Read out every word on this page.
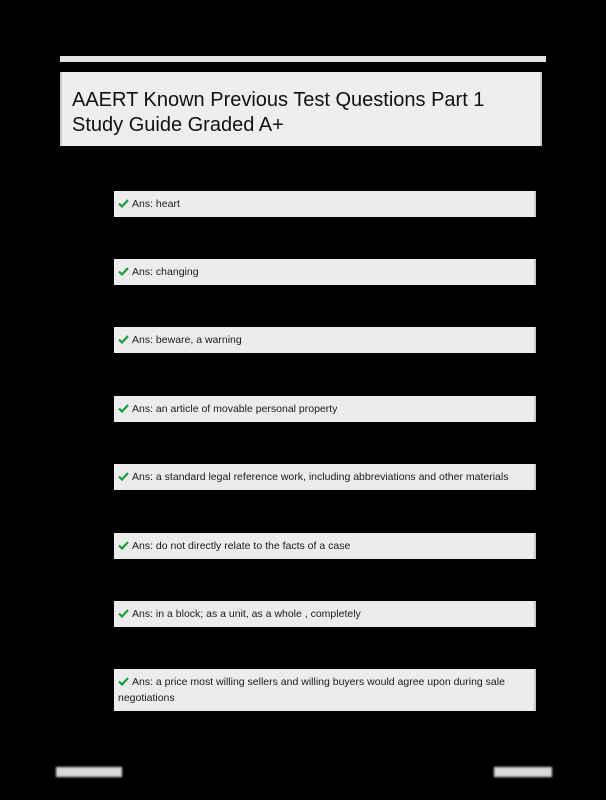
AAERT Known Previous Test Questions Part 1 Study Guide Graded A+
Ans: heart
Ans: changing
Ans: beware, a warning
Ans: an article of movable personal property
Ans: a standard legal reference work, including abbreviations and other materials
Ans: do not directly relate to the facts of a case
Ans: in a block; as a unit, as a whole , completely
Ans: a price most willing sellers and willing buyers would agree upon during sale negotiations
